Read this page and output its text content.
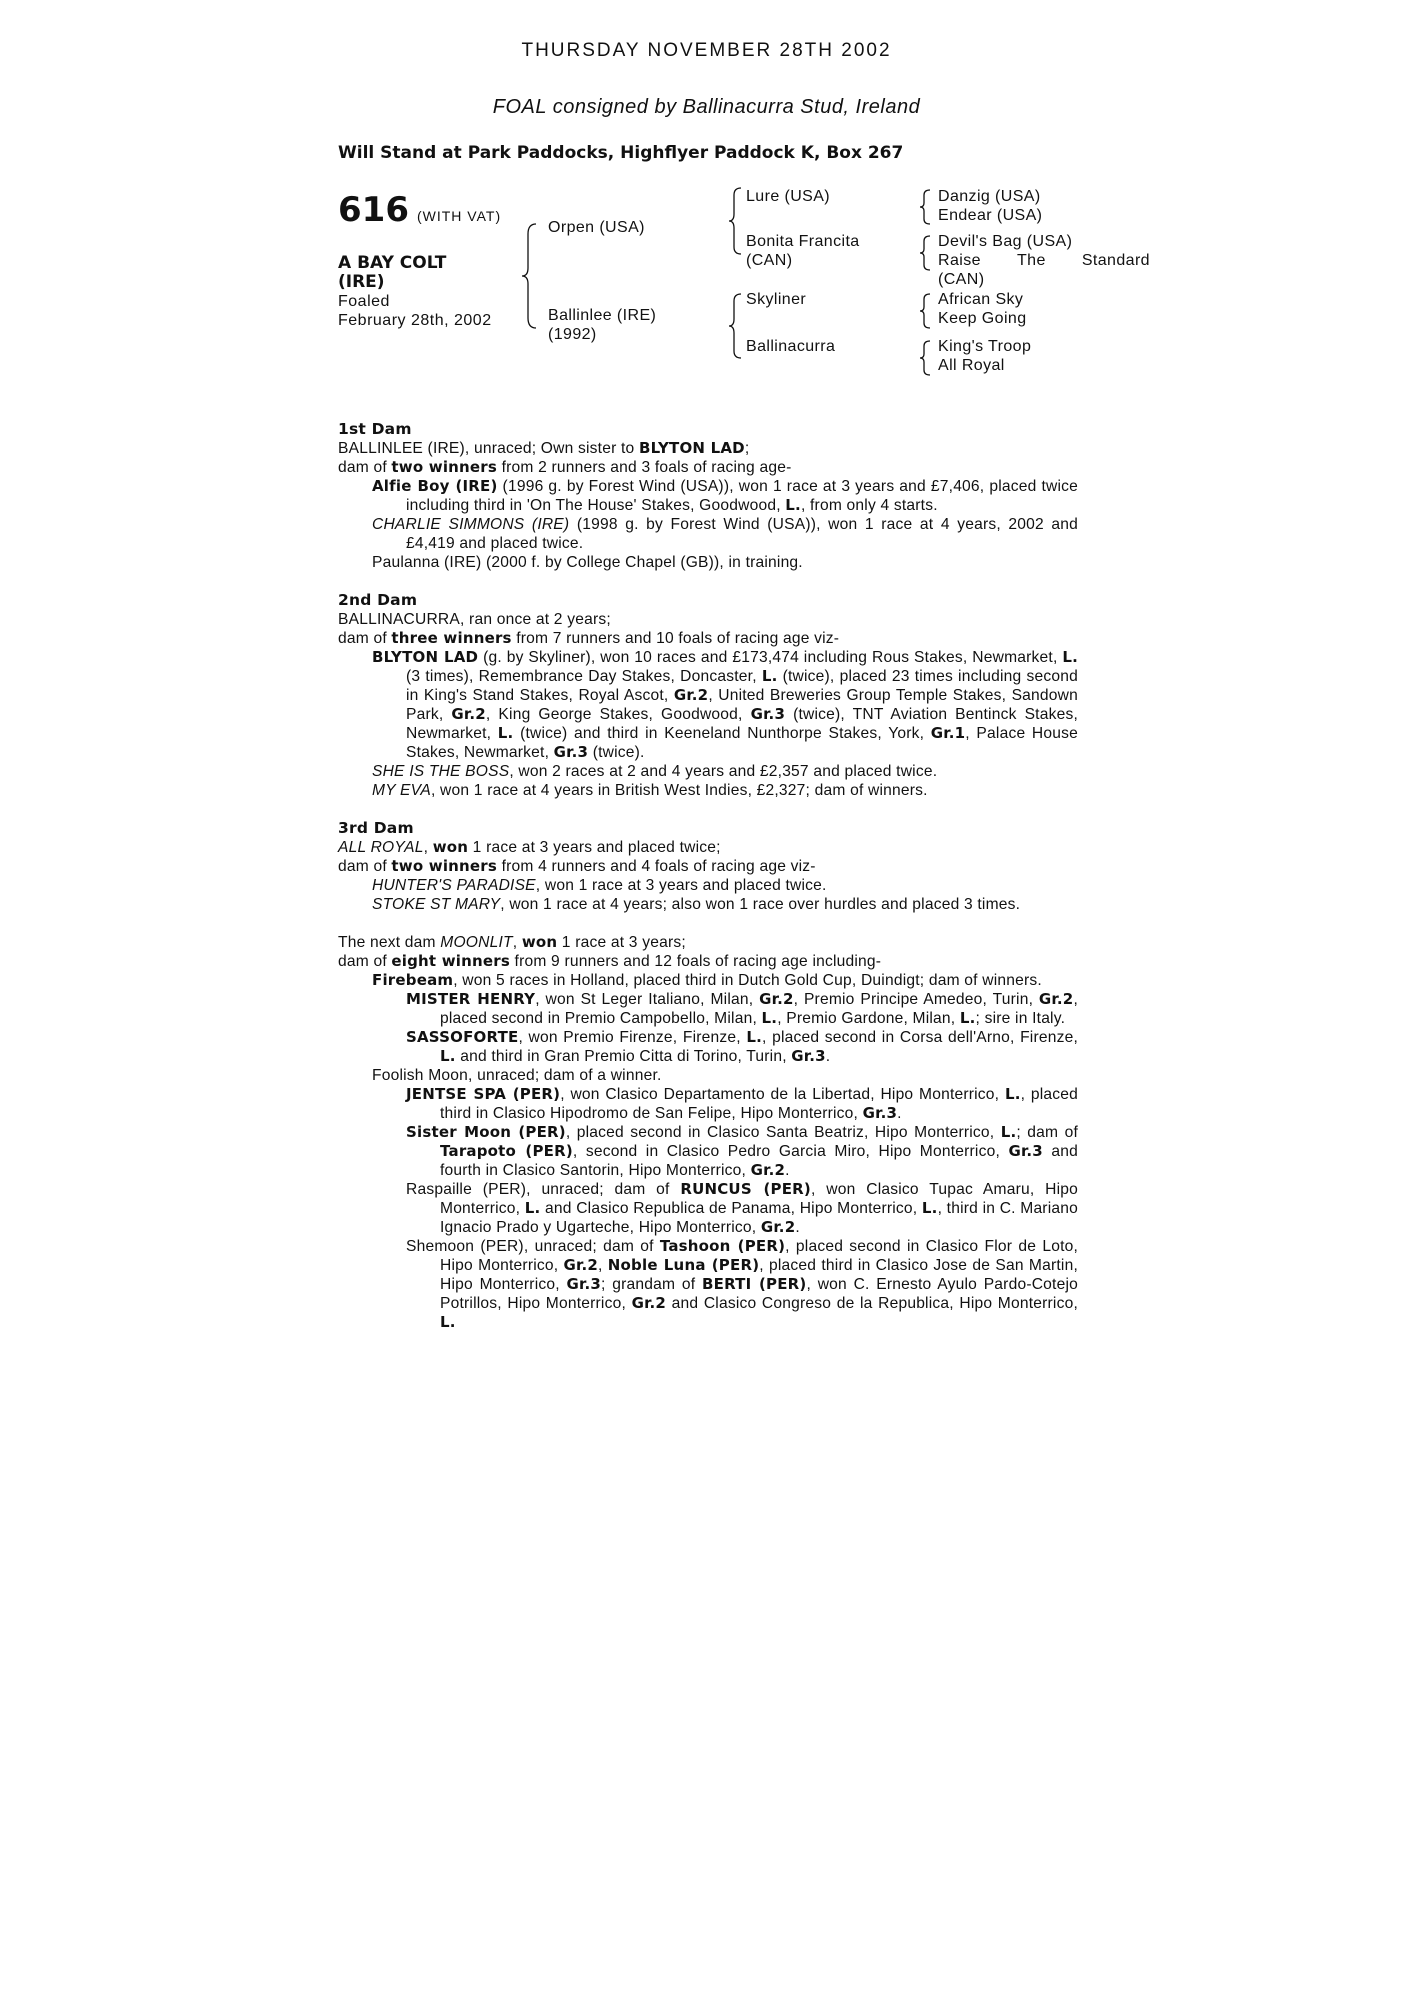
THURSDAY NOVEMBER 28TH 2002
FOAL consigned by Ballinacurra Stud, Ireland
Will Stand at Park Paddocks, Highflyer Paddock K, Box 267
616 (WITH VAT)
A BAY COLT
(IRE)
Foaled
February 28th, 2002
Orpen (USA)
Ballinlee (IRE)
(1992)
Lure (USA)
Bonita Francita
(CAN)
Skyliner
Ballinacurra
Danzig (USA)
Endear (USA)
Devil's Bag (USA)
Raise The Standard
(CAN)
African Sky
Keep Going
King's Troop
All Royal

1st Dam

BALLINLEE (IRE), unraced; Own sister to BLYTON LAD;

dam of two winners from 2 runners and 3 foals of racing age-

Alfie Boy (IRE) (1996 g. by Forest Wind (USA)), won 1 race at 3 years and £7,406, placed twice including third in 'On The House' Stakes, Goodwood, L., from only 4 starts.

CHARLIE SIMMONS (IRE) (1998 g. by Forest Wind (USA)), won 1 race at 4 years, 2002 and £4,419 and placed twice.

Paulanna (IRE) (2000 f. by College Chapel (GB)), in training.

2nd Dam

BALLINACURRA, ran once at 2 years;

dam of three winners from 7 runners and 10 foals of racing age viz-

BLYTON LAD (g. by Skyliner), won 10 races and £173,474 including Rous Stakes, Newmarket, L. (3 times), Remembrance Day Stakes, Doncaster, L. (twice), placed 23 times including second in King's Stand Stakes, Royal Ascot, Gr.2, United Breweries Group Temple Stakes, Sandown Park, Gr.2, King George Stakes, Goodwood, Gr.3 (twice), TNT Aviation Bentinck Stakes, Newmarket, L. (twice) and third in Keeneland Nunthorpe Stakes, York, Gr.1, Palace House Stakes, Newmarket, Gr.3 (twice).

SHE IS THE BOSS, won 2 races at 2 and 4 years and £2,357 and placed twice.

MY EVA, won 1 race at 4 years in British West Indies, £2,327; dam of winners.

3rd Dam

ALL ROYAL, won 1 race at 3 years and placed twice;

dam of two winners from 4 runners and 4 foals of racing age viz-

HUNTER'S PARADISE, won 1 race at 3 years and placed twice.

STOKE ST MARY, won 1 race at 4 years; also won 1 race over hurdles and placed 3 times.

The next dam MOONLIT, won 1 race at 3 years;

dam of eight winners from 9 runners and 12 foals of racing age including-

Firebeam, won 5 races in Holland, placed third in Dutch Gold Cup, Duindigt; dam of winners.

MISTER HENRY, won St Leger Italiano, Milan, Gr.2, Premio Principe Amedeo, Turin, Gr.2, placed second in Premio Campobello, Milan, L., Premio Gardone, Milan, L.; sire in Italy.

SASSOFORTE, won Premio Firenze, Firenze, L., placed second in Corsa dell'Arno, Firenze, L. and third in Gran Premio Citta di Torino, Turin, Gr.3.

Foolish Moon, unraced; dam of a winner.

JENTSE SPA (PER), won Clasico Departamento de la Libertad, Hipo Monterrico, L., placed third in Clasico Hipodromo de San Felipe, Hipo Monterrico, Gr.3.

Sister Moon (PER), placed second in Clasico Santa Beatriz, Hipo Monterrico, L.; dam of Tarapoto (PER), second in Clasico Pedro Garcia Miro, Hipo Monterrico, Gr.3 and fourth in Clasico Santorin, Hipo Monterrico, Gr.2.

Raspaille (PER), unraced; dam of RUNCUS (PER), won Clasico Tupac Amaru, Hipo Monterrico, L. and Clasico Republica de Panama, Hipo Monterrico, L., third in C. Mariano Ignacio Prado y Ugarteche, Hipo Monterrico, Gr.2.

Shemoon (PER), unraced; dam of Tashoon (PER), placed second in Clasico Flor de Loto, Hipo Monterrico, Gr.2, Noble Luna (PER), placed third in Clasico Jose de San Martin, Hipo Monterrico, Gr.3; grandam of BERTI (PER), won C. Ernesto Ayulo Pardo-Cotejo Potrillos, Hipo Monterrico, Gr.2 and Clasico Congreso de la Republica, Hipo Monterrico, L.
